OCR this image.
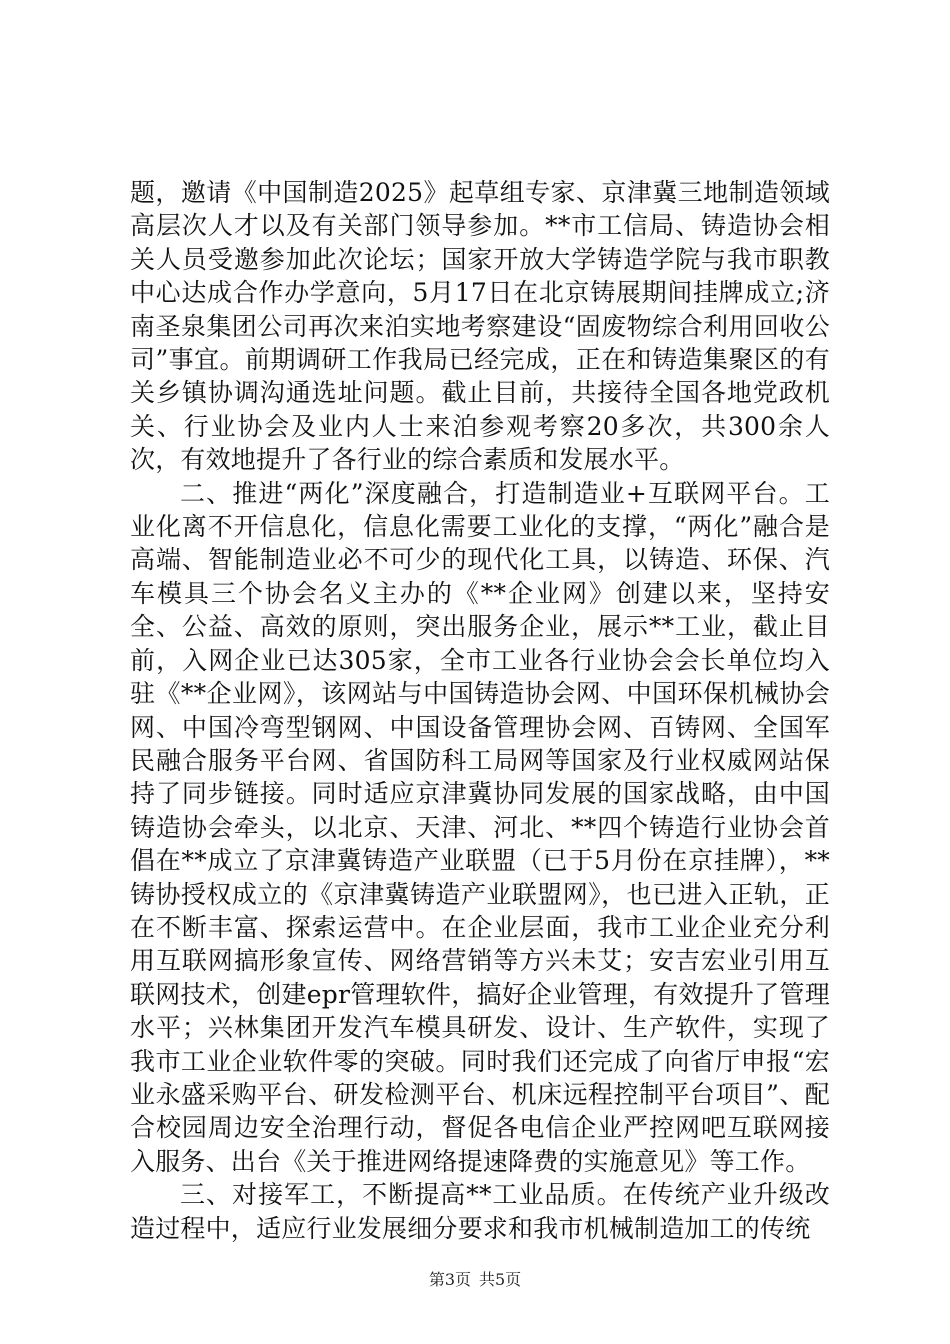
题，邀请《中国制造2025》起草组专家、京津冀三地制造领域高层次人才以及有关部门领导参加。**市工信局、铸造协会相关人员受邀参加此次论坛；国家开放大学铸造学院与我市职教中心达成合作办学意向，5月17日在北京铸展期间挂牌成立;济南圣泉集团公司再次来泊实地考察建设“固废物综合利用回收公司”事宜。前期调研工作我局已经完成，正在和铸造集聚区的有关乡镇协调沟通选址问题。截止目前，共接待全国各地党政机关、行业协会及业内人士来泊参观考察20多次，共300余人次，有效地提升了各行业的综合素质和发展水平。

二、推进“两化”深度融合，打造制造业+互联网平台。工业化离不开信息化，信息化需要工业化的支撑，“两化”融合是高端、智能制造业必不可少的现代化工具，以铸造、环保、汽车模具三个协会名义主办的《**企业网》创建以来，坚持安全、公益、高效的原则，突出服务企业，展示**工业，截止目前，入网企业已达305家，全市工业各行业协会会长单位均入驻《**企业网》，该网站与中国铸造协会网、中国环保机械协会网、中国冷弯型钢网、中国设备管理协会网、百铸网、全国军民融合服务平台网、省国防科工局网等国家及行业权威网站保持了同步链接。同时适应京津冀协同发展的国家战略，由中国铸造协会牵头，以北京、天津、河北、**四个铸造行业协会首倡在**成立了京津冀铸造产业联盟（已于5月份在京挂牌），**铸协授权成立的《京津冀铸造产业联盟网》，也已进入正轨，正在不断丰富、探索运营中。在企业层面，我市工业企业充分利用互联网搞形象宣传、网络营销等方兴未艾；安吉宏业引用互联网技术，创建epr管理软件，搞好企业管理，有效提升了管理水平；兴林集团开发汽车模具研发、设计、生产软件，实现了我市工业企业软件零的突破。同时我们还完成了向省厅申报“宏业永盛采购平台、研发检测平台、机床远程控制平台项目”、配合校园周边安全治理行动，督促各电信企业严控网吧互联网接入服务、出台《关于推进网络提速降费的实施意见》等工作。

三、对接军工，不断提高**工业品质。在传统产业升级改造过程中，适应行业发展细分要求和我市机械制造加工的传统

第3页 共5页
